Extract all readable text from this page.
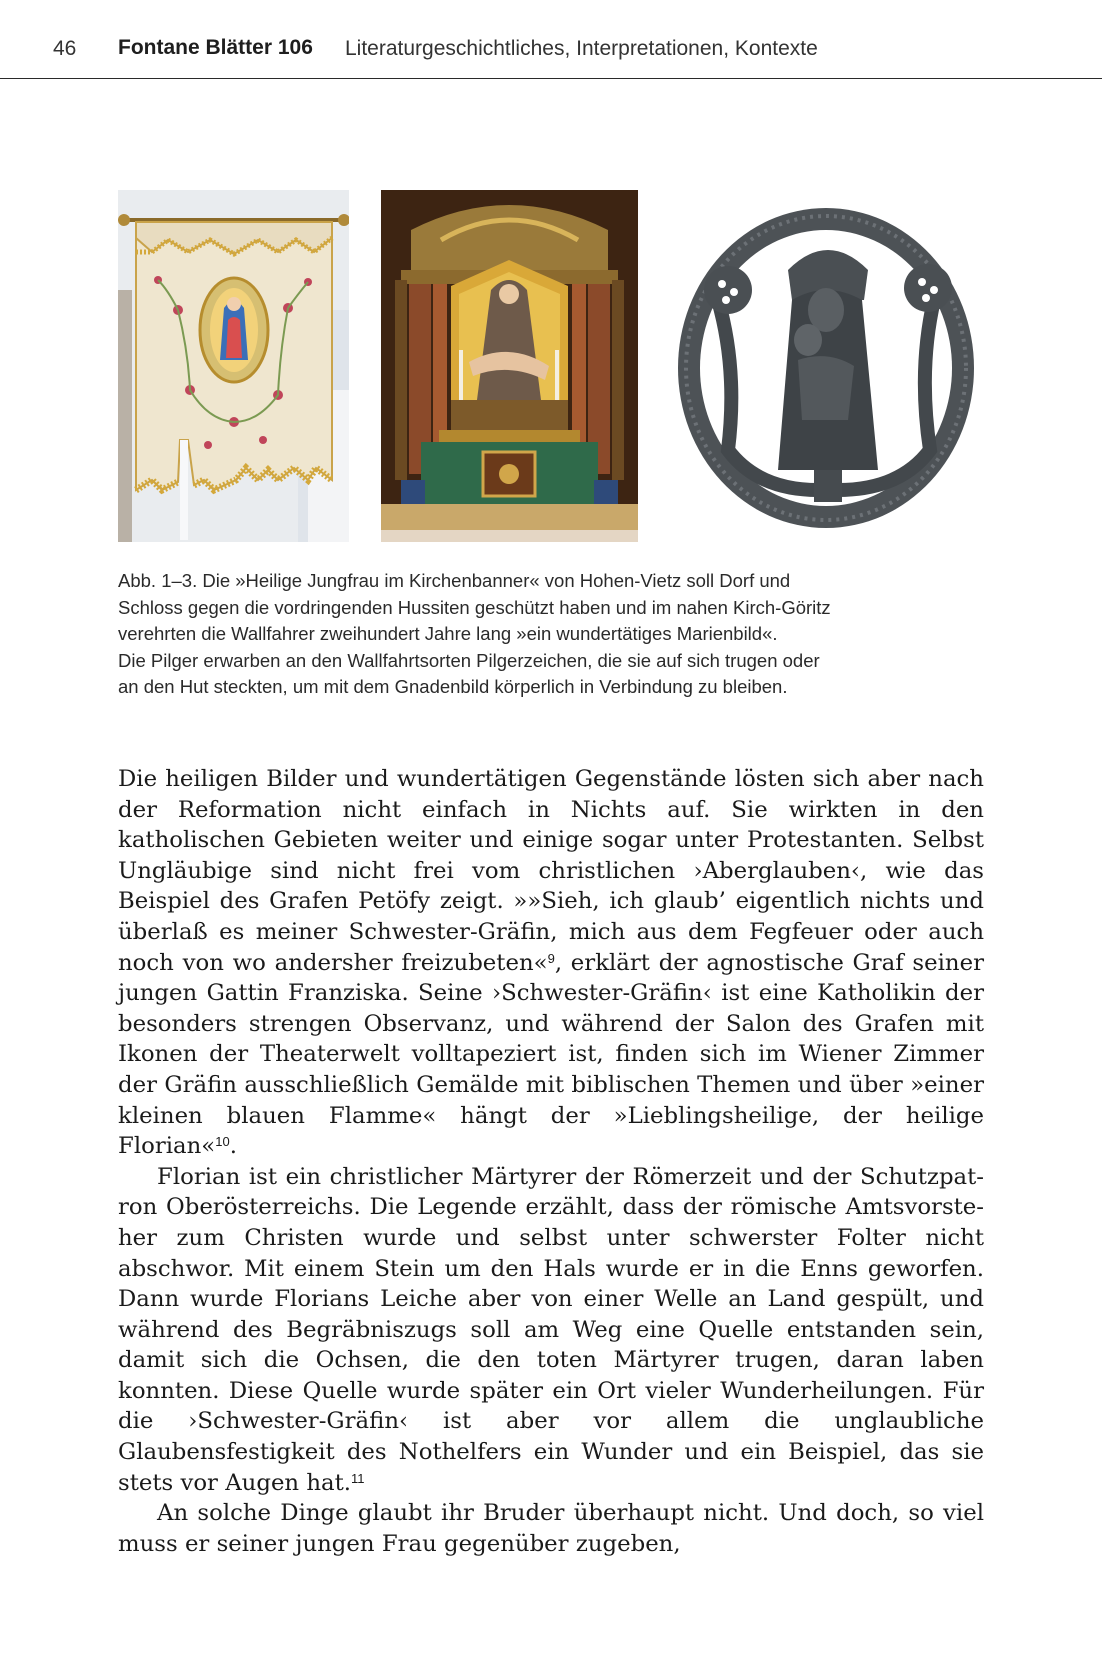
46 Fontane Blätter 106 Literaturgeschichtliches, Interpretationen, Kontexte

Abb. 1–3. Die »Heilige Jungfrau im Kirchenbanner« von Hohen-Vietz soll Dorf und
Schloss gegen die vordringenden Hussiten geschützt haben und im nahen Kirch-Göritz
verehrten die Wallfahrer zweihundert Jahre lang »ein wundertätiges Marienbild«.
Die Pilger erwarben an den Wallfahrtsorten Pilgerzeichen, die sie auf sich trugen oder
an den Hut steckten, um mit dem Gnadenbild körperlich in Verbindung zu bleiben.

Die heiligen Bilder und wundertätigen Gegenstände lösten sich aber nach der Reformation nicht einfach in Nichts auf. Sie wirkten in den katholischen Gebieten weiter und einige sogar unter Protestanten. Selbst Ungläubige sind nicht frei vom christlichen ›Aberglauben‹, wie das Beispiel des Grafen Petöfy zeigt. »»Sieh, ich glaub’ eigentlich nichts und überlaß es meiner Schwester-Gräfin, mich aus dem Fegfeuer oder auch noch von wo andersher freizubeten«$^9$, erklärt der agnostische Graf seiner jungen Gattin Franziska. Seine ›Schwester-Gräfin‹ ist eine Katholikin der besonders strengen Observanz, und während der Salon des Grafen mit Ikonen der Theaterwelt volltapeziert ist, finden sich im Wiener Zimmer der Gräfin ausschließlich Gemälde mit biblischen Themen und über »einer kleinen blauen Flamme« hängt der »Lieblingsheilige, der heilige Florian«$^{10}$.

Florian ist ein christlicher Märtyrer der Römerzeit und der Schutzpatron Oberösterreichs. Die Legende erzählt, dass der römische Amtsvorsteher zum Christen wurde und selbst unter schwerster Folter nicht abschwor. Mit einem Stein um den Hals wurde er in die Enns geworfen. Dann wurde Florians Leiche aber von einer Welle an Land gespült, und während des Begräbniszugs soll am Weg eine Quelle entstanden sein, damit sich die Ochsen, die den toten Märtyrer trugen, daran laben konnten. Diese Quelle wurde später ein Ort vieler Wunderheilungen. Für die ›Schwester-Gräfin‹ ist aber vor allem die unglaubliche Glaubensfestigkeit des Nothelfers ein Wunder und ein Beispiel, das sie stets vor Augen hat.$^{11}$

An solche Dinge glaubt ihr Bruder überhaupt nicht. Und doch, so viel muss er seiner jungen Frau gegenüber zugeben,
